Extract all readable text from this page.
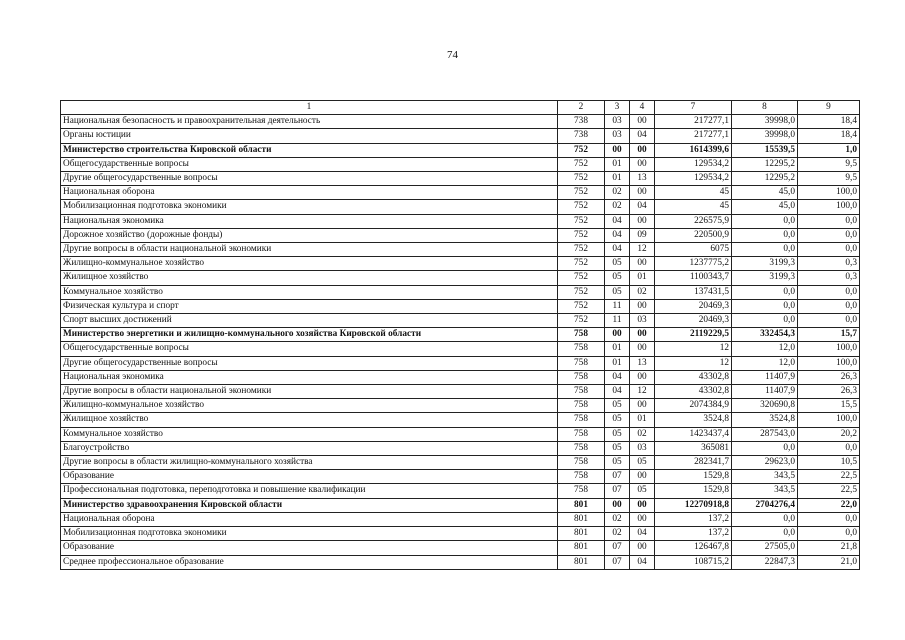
74
1	2	3	4	7	8	9
Национальная безопасность и правоохранительная деятельность	738	03	00	217277,1	39998,0	18,4
Органы юстиции	738	03	04	217277,1	39998,0	18,4
Министерство строительства Кировской области	752	00	00	1614399,6	15539,5	1,0
Общегосударственные вопросы	752	01	00	129534,2	12295,2	9,5
Другие общегосударственные вопросы	752	01	13	129534,2	12295,2	9,5
Национальная оборона	752	02	00	45	45,0	100,0
Мобилизационная подготовка экономики	752	02	04	45	45,0	100,0
Национальная экономика	752	04	00	226575,9	0,0	0,0
Дорожное хозяйство (дорожные фонды)	752	04	09	220500,9	0,0	0,0
Другие вопросы в области национальной экономики	752	04	12	6075	0,0	0,0
Жилищно-коммунальное хозяйство	752	05	00	1237775,2	3199,3	0,3
Жилищное хозяйство	752	05	01	1100343,7	3199,3	0,3
Коммунальное хозяйство	752	05	02	137431,5	0,0	0,0
Физическая культура и спорт	752	11	00	20469,3	0,0	0,0
Спорт высших достижений	752	11	03	20469,3	0,0	0,0
Министерство энергетики и жилищно-коммунального хозяйства Кировской области	758	00	00	2119229,5	332454,3	15,7
Общегосударственные вопросы	758	01	00	12	12,0	100,0
Другие общегосударственные вопросы	758	01	13	12	12,0	100,0
Национальная экономика	758	04	00	43302,8	11407,9	26,3
Другие вопросы в области национальной экономики	758	04	12	43302,8	11407,9	26,3
Жилищно-коммунальное хозяйство	758	05	00	2074384,9	320690,8	15,5
Жилищное хозяйство	758	05	01	3524,8	3524,8	100,0
Коммунальное хозяйство	758	05	02	1423437,4	287543,0	20,2
Благоустройство	758	05	03	365081	0,0	0,0
Другие вопросы в области жилищно-коммунального хозяйства	758	05	05	282341,7	29623,0	10,5
Образование	758	07	00	1529,8	343,5	22,5
Профессиональная подготовка, переподготовка и повышение квалификации	758	07	05	1529,8	343,5	22,5
Министерство здравоохранения Кировской области	801	00	00	12270918,8	2704276,4	22,0
Национальная оборона	801	02	00	137,2	0,0	0,0
Мобилизационная подготовка экономики	801	02	04	137,2	0,0	0,0
Образование	801	07	00	126467,8	27505,0	21,8
Среднее профессиональное образование	801	07	04	108715,2	22847,3	21,0
